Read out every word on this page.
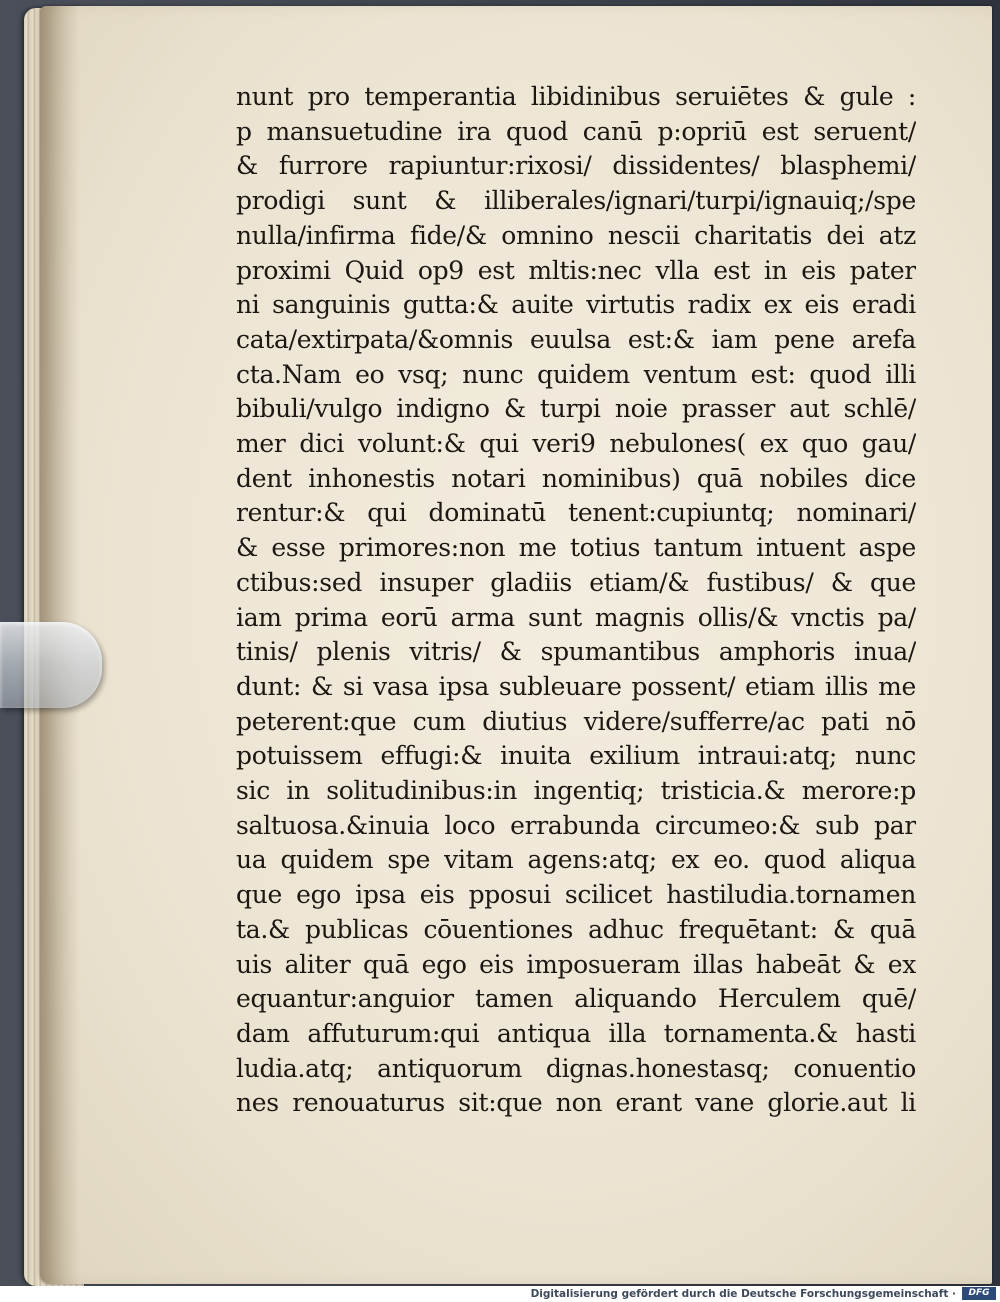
nunt pro temperantia libidinibus seruiētes & gule :
p mansuetudine ira quod canū p:opriū est seruent/
& furrore rapiuntur:rixosi/ dissidentes/ blasphemi/
prodigi sunt & illiberales/ignari/turpi/ignauiq;/spe
nulla/infirma fide/& omnino nescii charitatis dei atz
proximi Quid op9 est mltis:nec vlla est in eis pater
ni sanguinis gutta:& auite virtutis radix ex eis eradi
cata/extirpata/&omnis euulsa est:& iam pene arefa
cta.Nam eo vsq; nunc quidem ventum est: quod illi
bibuli/vulgo indigno & turpi noie prasser aut schlē/
mer dici volunt:& qui veri9 nebulones( ex quo gau/
dent inhonestis notari nominibus) quā nobiles dice
rentur:& qui dominatū tenent:cupiuntq; nominari/
& esse primores:non me totius tantum intuent aspe
ctibus:sed insuper gladiis etiam/& fustibus/ & que
iam prima eorū arma sunt magnis ollis/& vnctis pa/
tinis/ plenis vitris/ & spumantibus amphoris inua/
dunt: & si vasa ipsa subleuare possent/ etiam illis me
peterent:que cum diutius videre/sufferre/ac pati nō
potuissem effugi:& inuita exilium intraui:atq; nunc
sic in solitudinibus:in ingentiq; tristicia.& merore:p
saltuosa.&inuia loco errabunda circumeo:& sub par
ua quidem spe vitam agens:atq; ex eo. quod aliqua
que ego ipsa eis pposui scilicet hastiludia.tornamen
ta.& publicas cōuentiones adhuc frequētant: & quā
uis aliter quā ego eis imposueram illas habeāt & ex
equantur:anguior tamen aliquando Herculem quē/
dam affuturum:qui antiqua illa tornamenta.& hasti
ludia.atq; antiquorum dignas.honestasq; conuentio
nes renouaturus sit:que non erant vane glorie.aut li
Digitalisierung gefördert durch die Deutsche Forschungsgemeinschaft ·	DFG
